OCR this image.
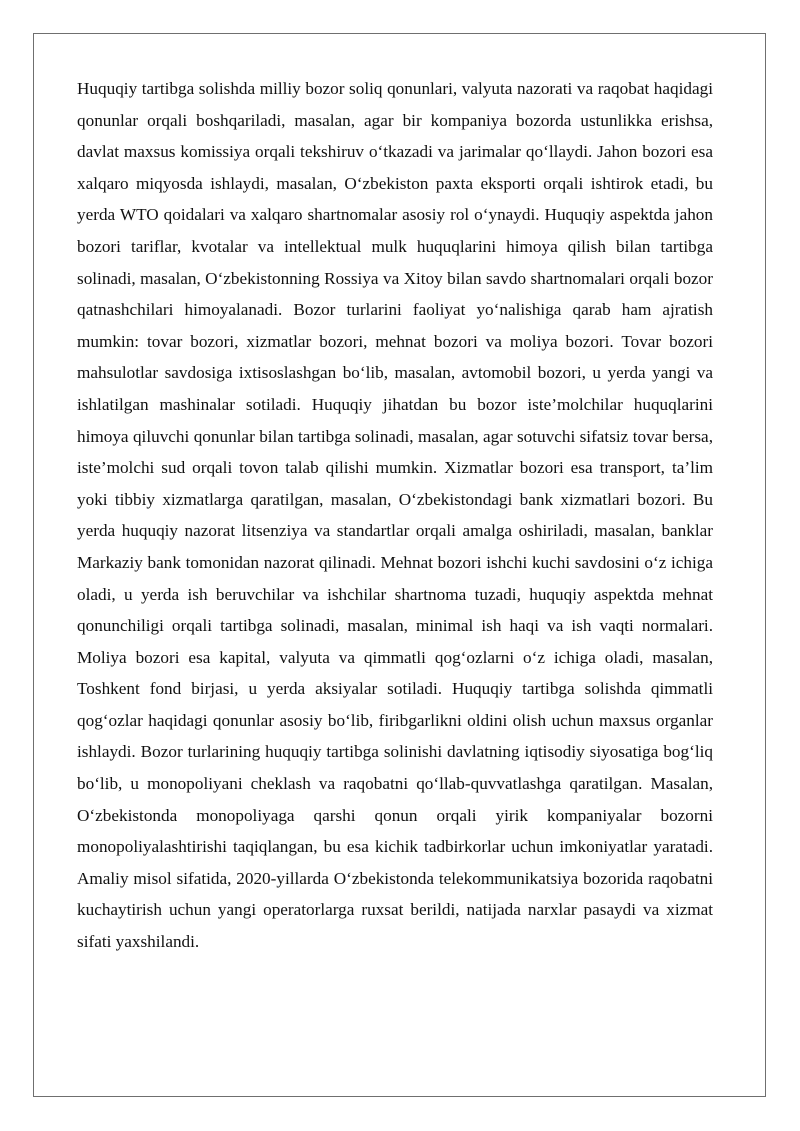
Huquqiy tartibga solishda milliy bozor soliq qonunlari, valyuta nazorati va raqobat haqidagi qonunlar orqali boshqariladi, masalan, agar bir kompaniya bozorda ustunlikka erishsa, davlat maxsus komissiya orqali tekshiruv o‘tkazadi va jarimalar qo‘llaydi. Jahon bozori esa xalqaro miqyosda ishlaydi, masalan, O‘zbekiston paxta eksporti orqali ishtirok etadi, bu yerda WTO qoidalari va xalqaro shartnomalar asosiy rol o‘ynaydi. Huquqiy aspektda jahon bozori tariflar, kvotalar va intellektual mulk huquqlarini himoya qilish bilan tartibga solinadi, masalan, O‘zbekistonning Rossiya va Xitoy bilan savdo shartnomalari orqali bozor qatnashchilari himoyalanadi. Bozor turlarini faoliyat yo‘nalishiga qarab ham ajratish mumkin: tovar bozori, xizmatlar bozori, mehnat bozori va moliya bozori. Tovar bozori mahsulotlar savdosiga ixtisoslashgan bo‘lib, masalan, avtomobil bozori, u yerda yangi va ishlatilgan mashinalar sotiladi. Huquqiy jihatdan bu bozor iste’molchilar huquqlarini himoya qiluvchi qonunlar bilan tartibga solinadi, masalan, agar sotuvchi sifatsiz tovar bersa, iste’molchi sud orqali tovon talab qilishi mumkin. Xizmatlar bozori esa transport, ta’lim yoki tibbiy xizmatlarga qaratilgan, masalan, O‘zbekistondagi bank xizmatlari bozori. Bu yerda huquqiy nazorat litsenziya va standartlar orqali amalga oshiriladi, masalan, banklar Markaziy bank tomonidan nazorat qilinadi. Mehnat bozori ishchi kuchi savdosini o‘z ichiga oladi, u yerda ish beruvchilar va ishchilar shartnoma tuzadi, huquqiy aspektda mehnat qonunchiligi orqali tartibga solinadi, masalan, minimal ish haqi va ish vaqti normalari. Moliya bozori esa kapital, valyuta va qimmatli qog‘ozlarni o‘z ichiga oladi, masalan, Toshkent fond birjasi, u yerda aksiyalar sotiladi. Huquqiy tartibga solishda qimmatli qog‘ozlar haqidagi qonunlar asosiy bo‘lib, firibgarlikni oldini olish uchun maxsus organlar ishlaydi. Bozor turlarining huquqiy tartibga solinishi davlatning iqtisodiy siyosatiga bog‘liq bo‘lib, u monopoliyani cheklash va raqobatni qo‘llab-quvvatlashga qaratilgan. Masalan, O‘zbekistonda monopoliyaga qarshi qonun orqali yirik kompaniyalar bozorni monopoliyalashtirishi taqiqlangan, bu esa kichik tadbirkorlar uchun imkoniyatlar yaratadi. Amaliy misol sifatida, 2020-yillarda O‘zbekistonda telekommunikatsiya bozorida raqobatni kuchaytirish uchun yangi operatorlarga ruxsat berildi, natijada narxlar pasaydi va xizmat sifati yaxshilandi.
